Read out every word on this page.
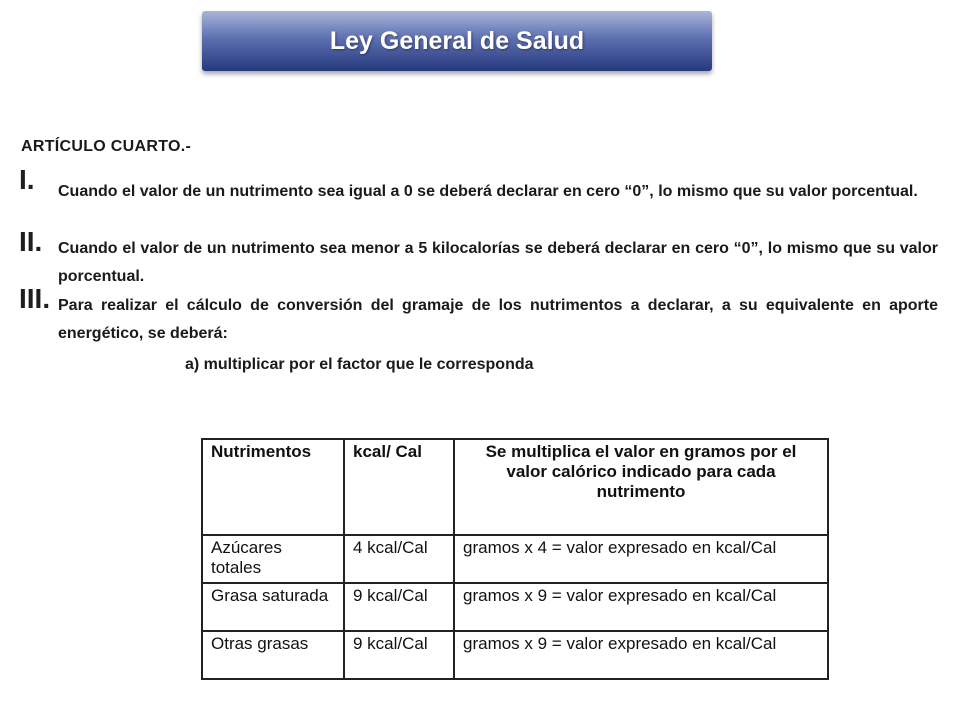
Ley General de Salud
ARTÍCULO CUARTO.-
I. Cuando el valor de un nutrimento sea igual a 0 se deberá declarar en cero “0”, lo mismo que su valor porcentual.
II. Cuando el valor de un nutrimento sea menor a 5 kilocalorías se deberá declarar en cero “0”, lo mismo que su valor porcentual.
III. Para realizar el cálculo de conversión del gramaje de los nutrimentos a declarar, a su equivalente en aporte energético, se deberá:
a) multiplicar por el factor que le corresponda
Nutrimentos	kcal/ Cal	Se multiplica el valor en gramos por el valor calórico indicado para cada nutrimento
Azúcares totales	4 kcal/Cal	gramos x 4 = valor expresado en kcal/Cal
Grasa saturada	9 kcal/Cal	gramos x 9 = valor expresado en kcal/Cal
Otras grasas	9 kcal/Cal	gramos x 9 = valor expresado en kcal/Cal
